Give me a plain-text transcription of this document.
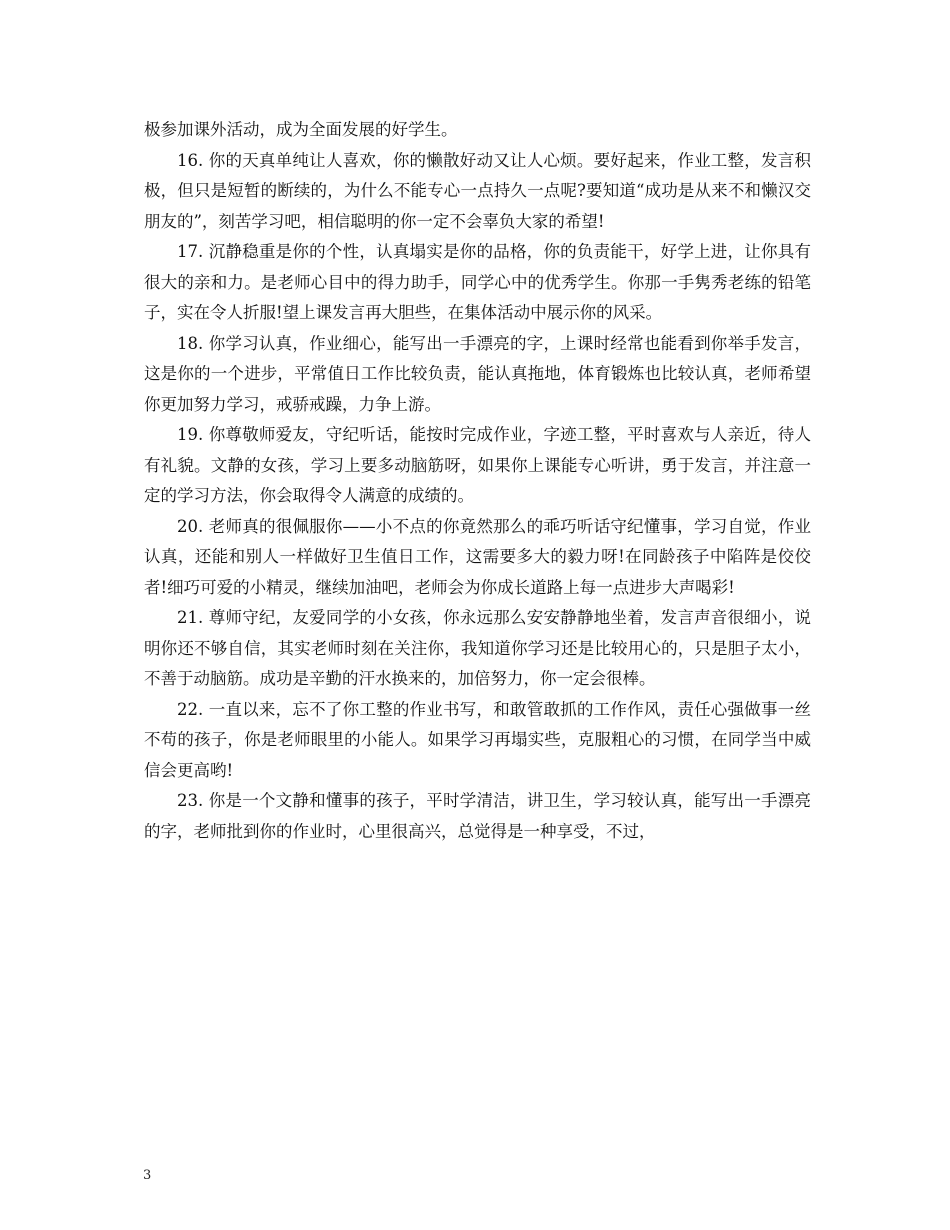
极参加课外活动，成为全面发展的好学生。

16. 你的天真单纯让人喜欢，你的懒散好动又让人心烦。要好起来，作业工整，发言积极，但只是短暂的断续的，为什么不能专心一点持久一点呢?要知道“成功是从来不和懒汉交朋友的”，刻苦学习吧，相信聪明的你一定不会辜负大家的希望!

17. 沉静稳重是你的个性，认真塌实是你的品格，你的负责能干，好学上进，让你具有很大的亲和力。是老师心目中的得力助手，同学心中的优秀学生。你那一手隽秀老练的铅笔子，实在令人折服!望上课发言再大胆些，在集体活动中展示你的风采。

18. 你学习认真，作业细心，能写出一手漂亮的字，上课时经常也能看到你举手发言，这是你的一个进步，平常值日工作比较负责，能认真拖地，体育锻炼也比较认真，老师希望你更加努力学习，戒骄戒躁，力争上游。

19. 你尊敬师爱友，守纪听话，能按时完成作业，字迹工整，平时喜欢与人亲近，待人有礼貌。文静的女孩，学习上要多动脑筋呀，如果你上课能专心听讲，勇于发言，并注意一定的学习方法，你会取得令人满意的成绩的。

20. 老师真的很佩服你——小不点的你竟然那么的乖巧听话守纪懂事，学习自觉，作业认真，还能和别人一样做好卫生值日工作，这需要多大的毅力呀!在同龄孩子中陷阵是佼佼者!细巧可爱的小精灵，继续加油吧，老师会为你成长道路上每一点进步大声喝彩!

21. 尊师守纪，友爱同学的小女孩，你永远那么安安静静地坐着，发言声音很细小，说明你还不够自信，其实老师时刻在关注你，我知道你学习还是比较用心的，只是胆子太小，不善于动脑筋。成功是辛勤的汗水换来的，加倍努力，你一定会很棒。

22. 一直以来，忘不了你工整的作业书写，和敢管敢抓的工作作风，责任心强做事一丝不苟的孩子，你是老师眼里的小能人。如果学习再塌实些，克服粗心的习惯，在同学当中威信会更高哟!

23. 你是一个文静和懂事的孩子，平时学清洁，讲卫生，学习较认真，能写出一手漂亮的字，老师批到你的作业时，心里很高兴，总觉得是一种享受，不过，

3
